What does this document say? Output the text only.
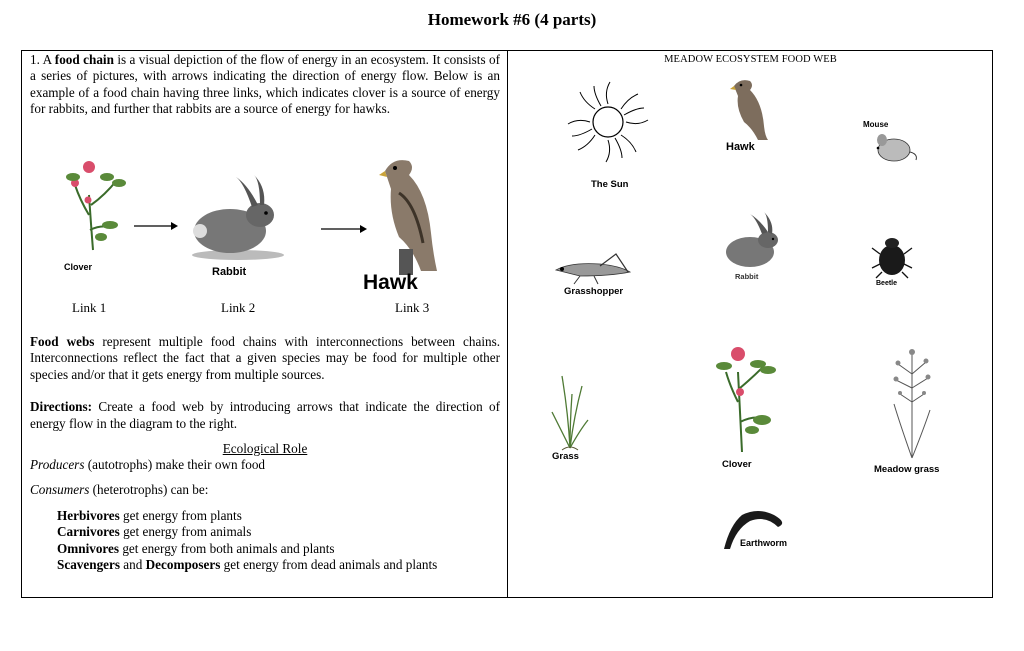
Homework #6 (4 parts)

1. A food chain is a visual depiction of the flow of energy in an ecosystem. It consists of a series of pictures, with arrows indicating the direction of energy flow. Below is an example of a food chain having three links, which indicates clover is a source of energy for rabbits, and further that rabbits are a source of energy for hawks.

Clover	Rabbit	Hawk
Link 1	Link 2	Link 3

Food webs represent multiple food chains with interconnections between chains. Interconnections reflect the fact that a given species may be food for multiple other species and/or that it gets energy from multiple sources.

Directions: Create a food web by introducing arrows that indicate the direction of energy flow in the diagram to the right.

Ecological Role
Producers (autotrophs) make their own food
Consumers (heterotrophs) can be:
Herbivores get energy from plants
Carnivores get energy from animals
Omnivores get energy from both animals and plants
Scavengers and Decomposers get energy from dead animals and plants
MEADOW ECOSYSTEM FOOD WEB
The Sun
Hawk
Mouse
Rabbit
Beetle
Grasshopper
Grass
Clover	Meadow grass
Earthworm
